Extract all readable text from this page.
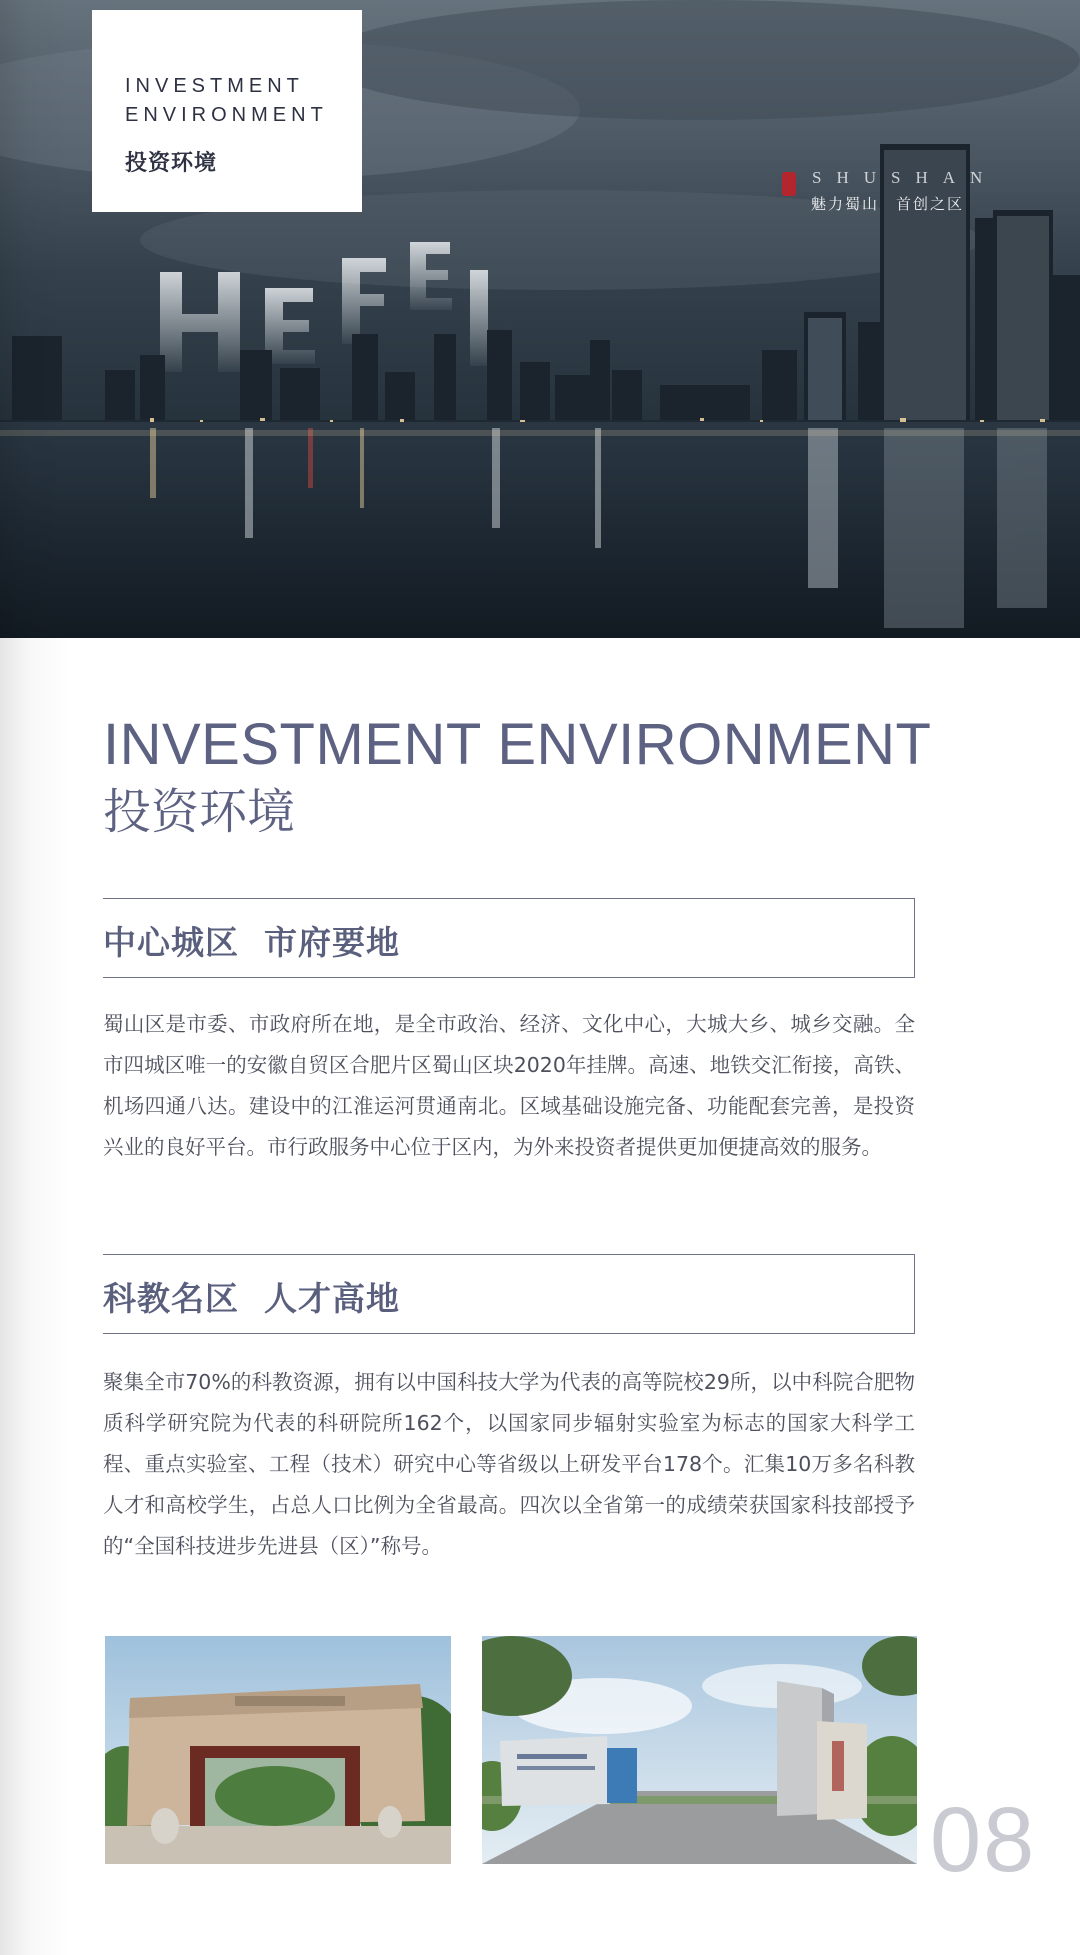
INVESTMENT
ENVIRONMENT
投资环境
SHUSHAN
魅力蜀山　首创之区
INVESTMENT ENVIRONMENT
投资环境
中心城区  市府要地
蜀山区是市委、市政府所在地，是全市政治、经济、文化中心，大城大乡、城乡交融。全市四城区唯一的安徽自贸区合肥片区蜀山区块2020年挂牌。高速、地铁交汇衔接，高铁、机场四通八达。建设中的江淮运河贯通南北。区域基础设施完备、功能配套完善，是投资兴业的良好平台。市行政服务中心位于区内，为外来投资者提供更加便捷高效的服务。
科教名区  人才高地
聚集全市70%的科教资源，拥有以中国科技大学为代表的高等院校29所，以中科院合肥物质科学研究院为代表的科研院所162个，以国家同步辐射实验室为标志的国家大科学工程、重点实验室、工程（技术）研究中心等省级以上研发平台178个。汇集10万多名科教人才和高校学生，占总人口比例为全省最高。四次以全省第一的成绩荣获国家科技部授予的“全国科技进步先进县（区）”称号。
08
